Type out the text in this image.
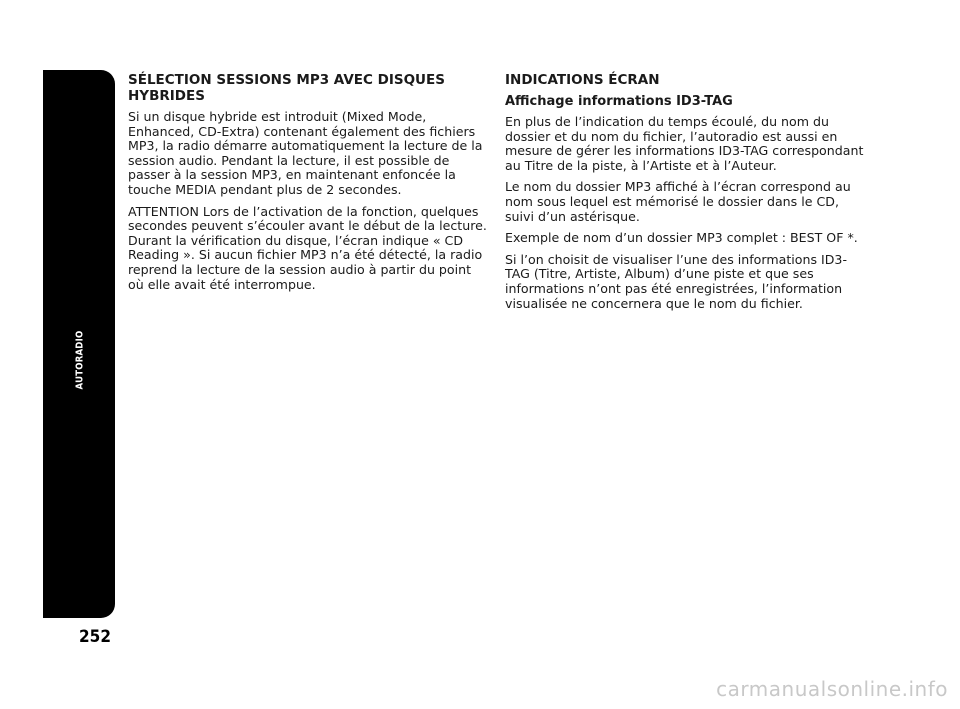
AUTORADIO
252
SÉLECTION SESSIONS MP3 AVEC DISQUES HYBRIDES

Si un disque hybride est introduit (Mixed Mode, Enhanced, CD-Extra) contenant également des fichiers MP3, la radio démarre automatiquement la lecture de la session audio. Pendant la lecture, il est possible de passer à la session MP3, en maintenant enfoncée la touche MEDIA pendant plus de 2 secondes.

ATTENTION Lors de l’activation de la fonction, quelques secondes peuvent s’écouler avant le début de la lecture. Durant la vérification du disque, l’écran indique « CD Reading ». Si aucun fichier MP3 n’a été détecté, la radio reprend la lecture de la session audio à partir du point où elle avait été interrompue.

INDICATIONS ÉCRAN
Affichage informations ID3-TAG

En plus de l’indication du temps écoulé, du nom du dossier et du nom du fichier, l’autoradio est aussi en mesure de gérer les informations ID3-TAG correspondant au Titre de la piste, à l’Artiste et à l’Auteur.

Le nom du dossier MP3 affiché à l’écran correspond au nom sous lequel est mémorisé le dossier dans le CD, suivi d’un astérisque.

Exemple de nom d’un dossier MP3 complet : BEST OF *.

Si l’on choisit de visualiser l’une des informations ID3-TAG (Titre, Artiste, Album) d’une piste et que ses informations n’ont pas été enregistrées, l’information visualisée ne concernera que le nom du fichier.

carmanualsonline.info
